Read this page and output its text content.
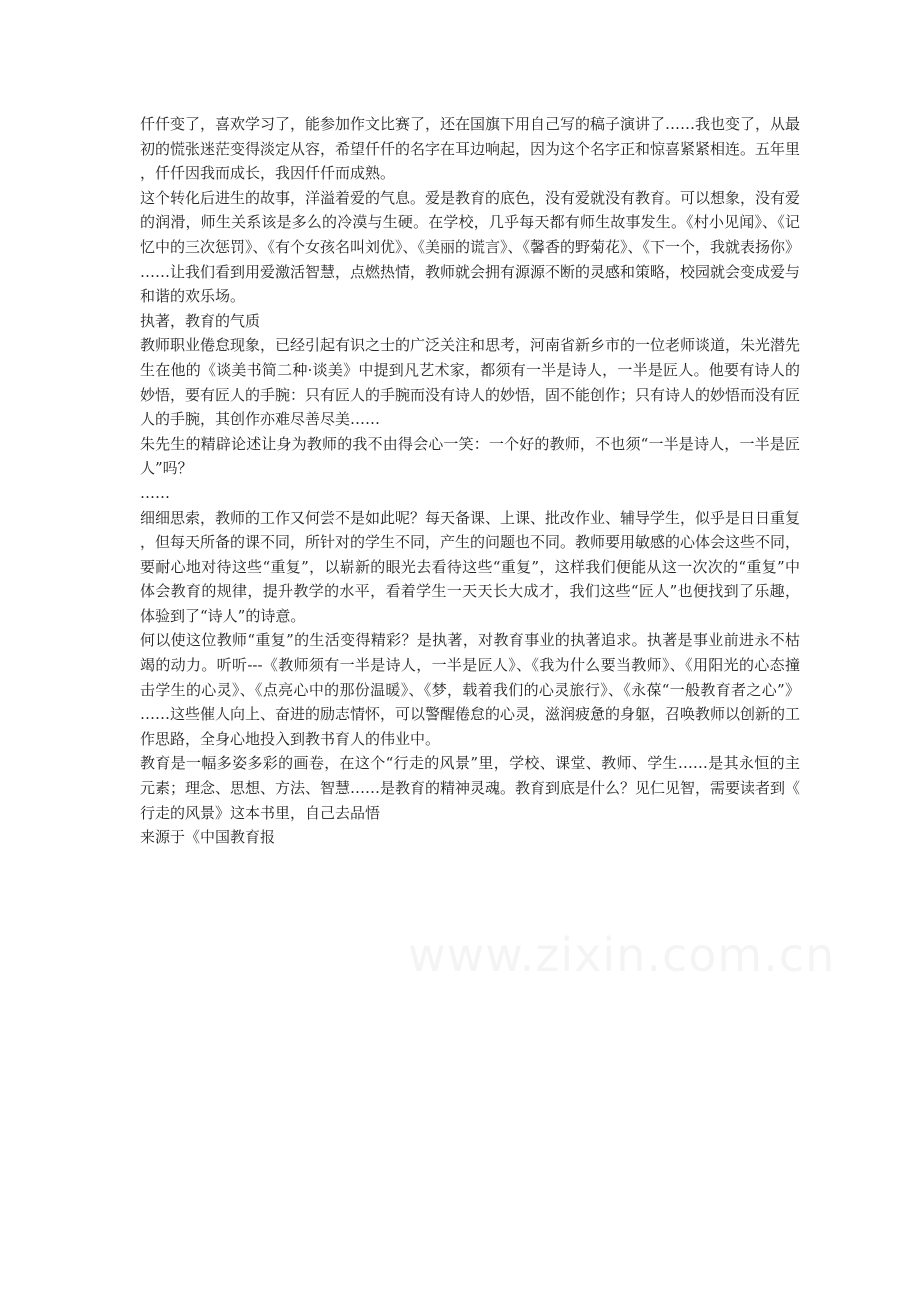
仟仟变了，喜欢学习了，能参加作文比赛了，还在国旗下用自己写的稿子演讲了……我也变了，从最初的慌张迷茫变得淡定从容，希望仟仟的名字在耳边响起，因为这个名字正和惊喜紧紧相连。五年里，仟仟因我而成长，我因仟仟而成熟。

这个转化后进生的故事，洋溢着爱的气息。爱是教育的底色，没有爱就没有教育。可以想象，没有爱的润滑，师生关系该是多么的冷漠与生硬。在学校，几乎每天都有师生故事发生。《村小见闻》、《记忆中的三次惩罚》、《有个女孩名叫刘优》、《美丽的谎言》、《馨香的野菊花》、《下一个，我就表扬你》……让我们看到用爱激活智慧，点燃热情，教师就会拥有源源不断的灵感和策略，校园就会变成爱与和谐的欢乐场。

执著，教育的气质

教师职业倦怠现象，已经引起有识之士的广泛关注和思考，河南省新乡市的一位老师谈道，朱光潜先生在他的《谈美书简二种·谈美》中提到凡艺术家，都须有一半是诗人，一半是匠人。他要有诗人的妙悟，要有匠人的手腕：只有匠人的手腕而没有诗人的妙悟，固不能创作；只有诗人的妙悟而没有匠人的手腕，其创作亦难尽善尽美……

朱先生的精辟论述让身为教师的我不由得会心一笑：一个好的教师，不也须“一半是诗人，一半是匠人”吗？

……

细细思索，教师的工作又何尝不是如此呢？每天备课、上课、批改作业、辅导学生，似乎是日日重复，但每天所备的课不同，所针对的学生不同，产生的问题也不同。教师要用敏感的心体会这些不同，要耐心地对待这些“重复”，以崭新的眼光去看待这些“重复”，这样我们便能从这一次次的“重复”中体会教育的规律，提升教学的水平，看着学生一天天长大成才，我们这些“匠人”也便找到了乐趣，体验到了“诗人”的诗意。

何以使这位教师“重复”的生活变得精彩？是执著，对教育事业的执著追求。执著是事业前进永不枯竭的动力。听听---《教师须有一半是诗人，一半是匠人》、《我为什么要当教师》、《用阳光的心态撞击学生的心灵》、《点亮心中的那份温暖》、《梦，载着我们的心灵旅行》、《永葆“一般教育者之心”》……这些催人向上、奋进的励志情怀，可以警醒倦怠的心灵，滋润疲惫的身躯，召唤教师以创新的工作思路，全身心地投入到教书育人的伟业中。

教育是一幅多姿多彩的画卷，在这个“行走的风景”里，学校、课堂、教师、学生……是其永恒的主元素；理念、思想、方法、智慧……是教育的精神灵魂。教育到底是什么？见仁见智，需要读者到《行走的风景》这本书里，自己去品悟

来源于《中国教育报
